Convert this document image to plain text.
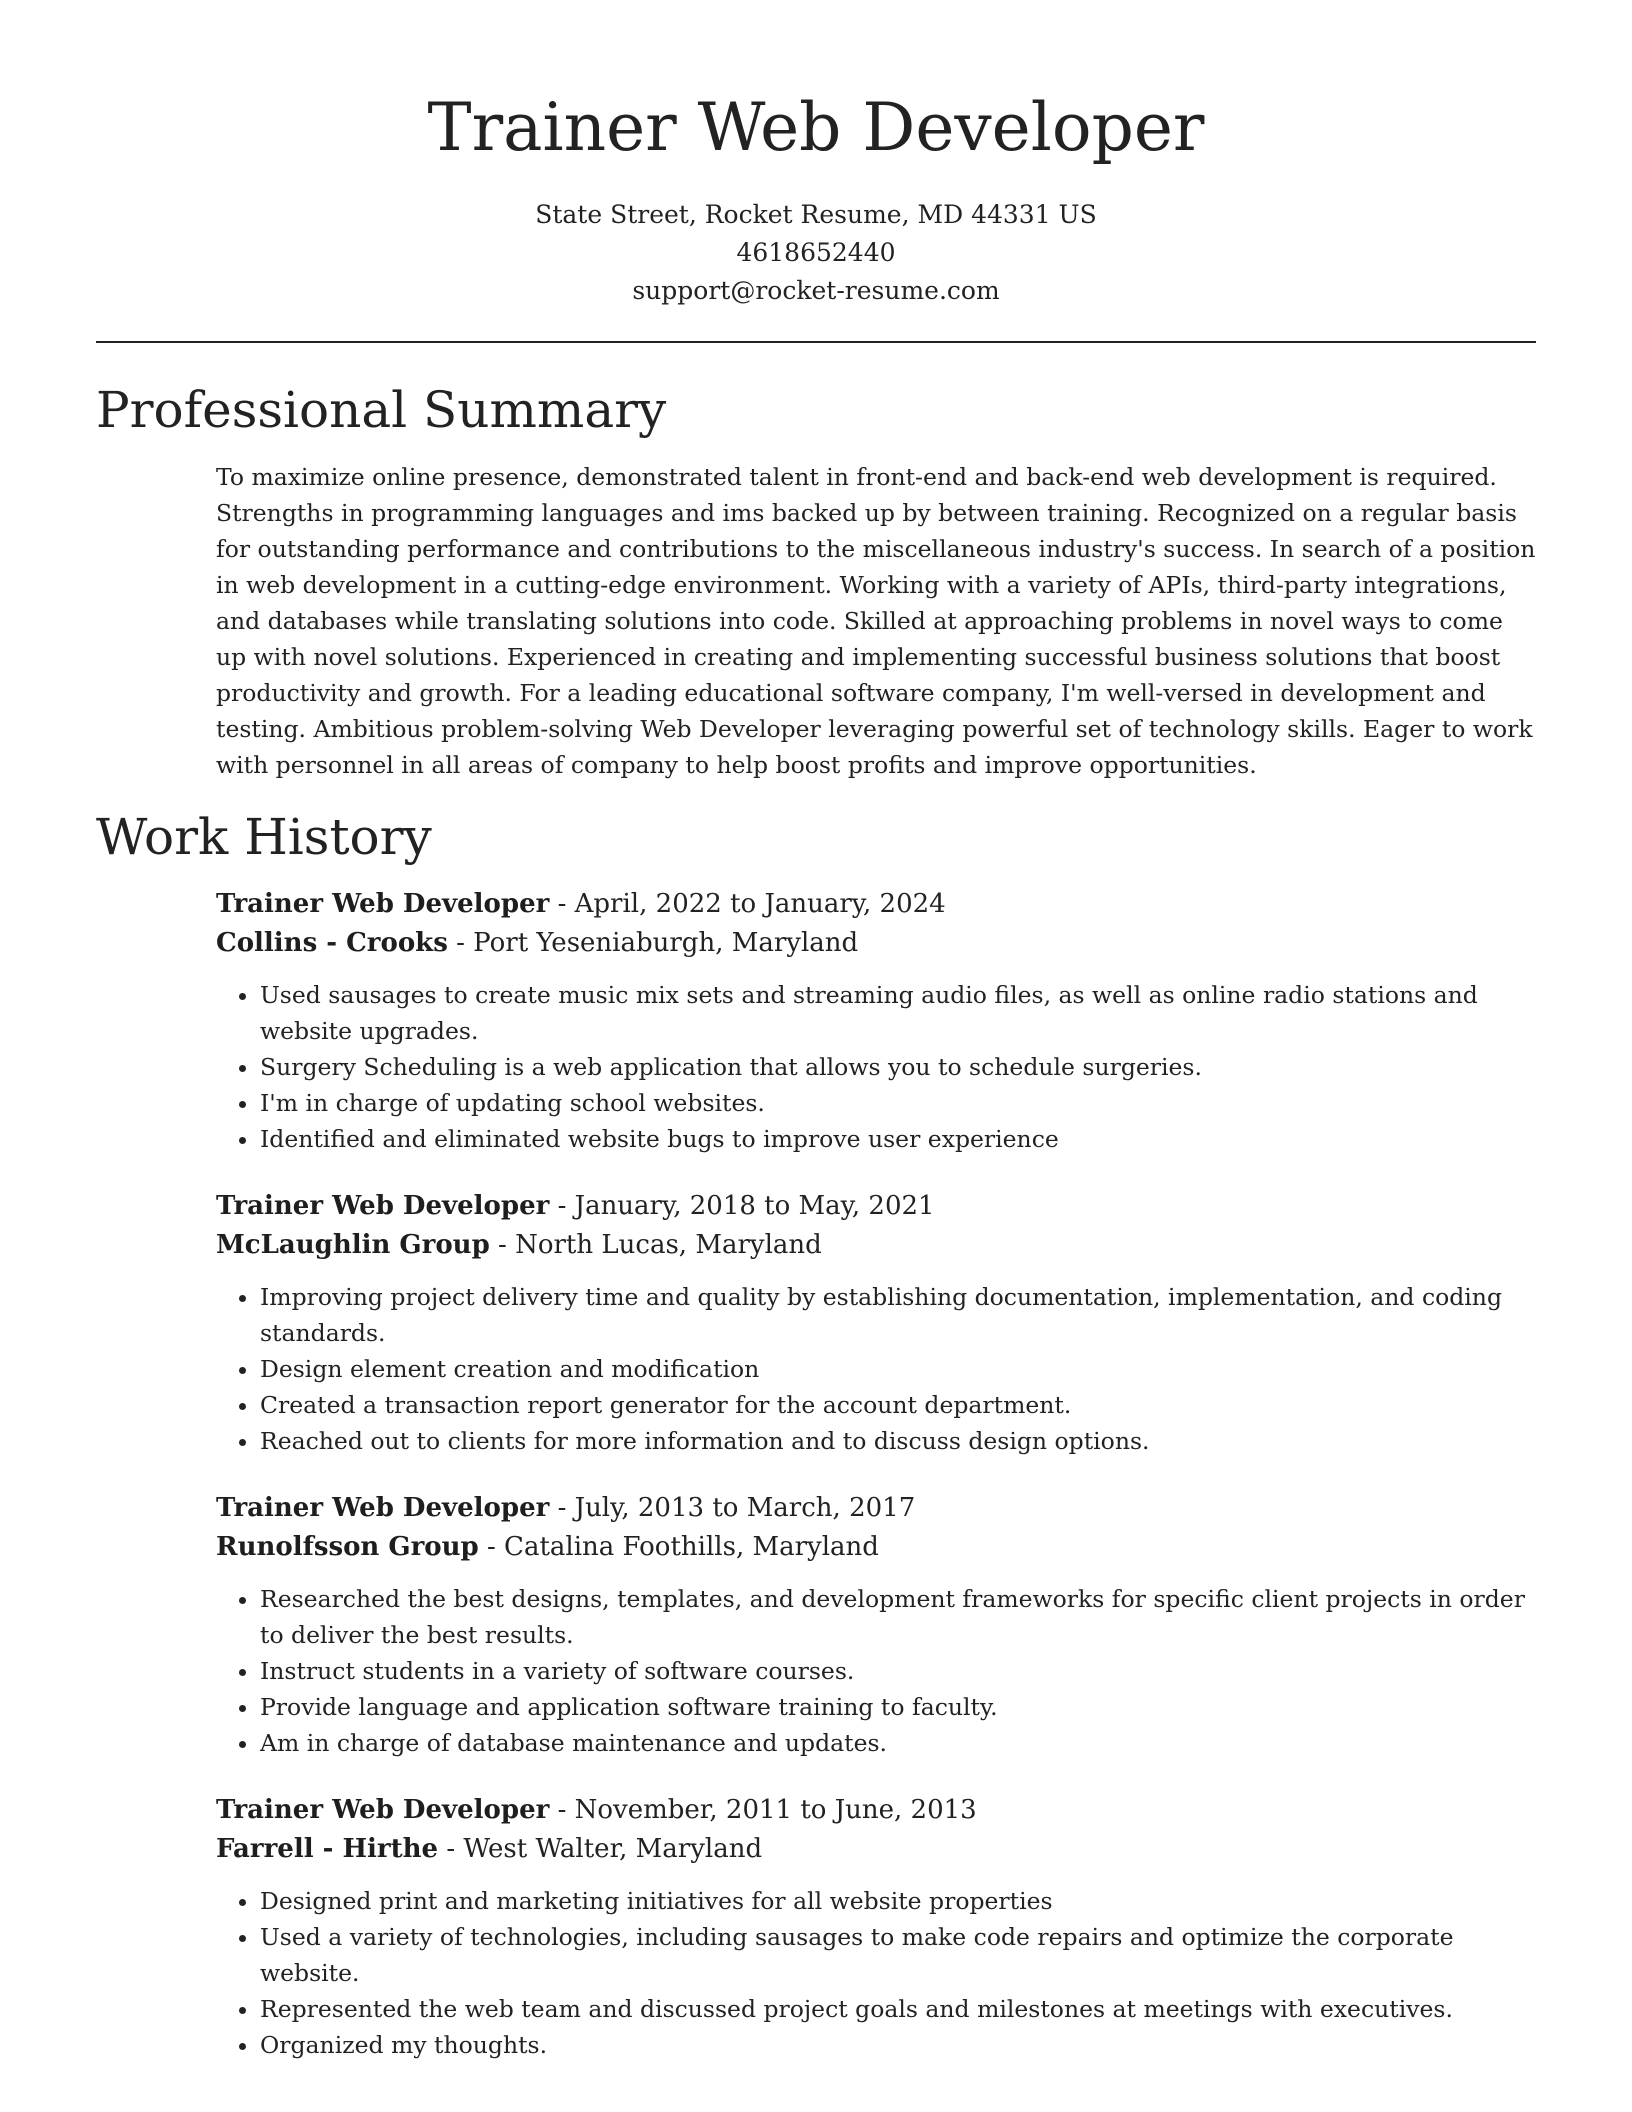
Trainer Web Developer
State Street, Rocket Resume, MD 44331 US
4618652440
support@rocket-resume.com
Professional Summary

To maximize online presence, demonstrated talent in front-end and back-end web development is required. Strengths in programming languages and ims backed up by between training. Recognized on a regular basis for outstanding performance and contributions to the miscellaneous industry's success. In search of a position in web development in a cutting-edge environment. Working with a variety of APIs, third-party integrations, and databases while translating solutions into code. Skilled at approaching problems in novel ways to come up with novel solutions. Experienced in creating and implementing successful business solutions that boost productivity and growth. For a leading educational software company, I'm well-versed in development and testing. Ambitious problem-solving Web Developer leveraging powerful set of technology skills. Eager to work with personnel in all areas of company to help boost profits and improve opportunities.

Work History
Trainer Web Developer - April, 2022 to January, 2024
Collins - Crooks - Port Yeseniaburgh, Maryland
• Used sausages to create music mix sets and streaming audio files, as well as online radio stations and website upgrades.
• Surgery Scheduling is a web application that allows you to schedule surgeries.
• I'm in charge of updating school websites.
• Identified and eliminated website bugs to improve user experience
Trainer Web Developer - January, 2018 to May, 2021
McLaughlin Group - North Lucas, Maryland
• Improving project delivery time and quality by establishing documentation, implementation, and coding standards.
• Design element creation and modification
• Created a transaction report generator for the account department.
• Reached out to clients for more information and to discuss design options.
Trainer Web Developer - July, 2013 to March, 2017
Runolfsson Group - Catalina Foothills, Maryland
• Researched the best designs, templates, and development frameworks for specific client projects in order to deliver the best results.
• Instruct students in a variety of software courses.
• Provide language and application software training to faculty.
• Am in charge of database maintenance and updates.
Trainer Web Developer - November, 2011 to June, 2013
Farrell - Hirthe - West Walter, Maryland
• Designed print and marketing initiatives for all website properties
• Used a variety of technologies, including sausages to make code repairs and optimize the corporate website.
• Represented the web team and discussed project goals and milestones at meetings with executives.
• Organized my thoughts.
